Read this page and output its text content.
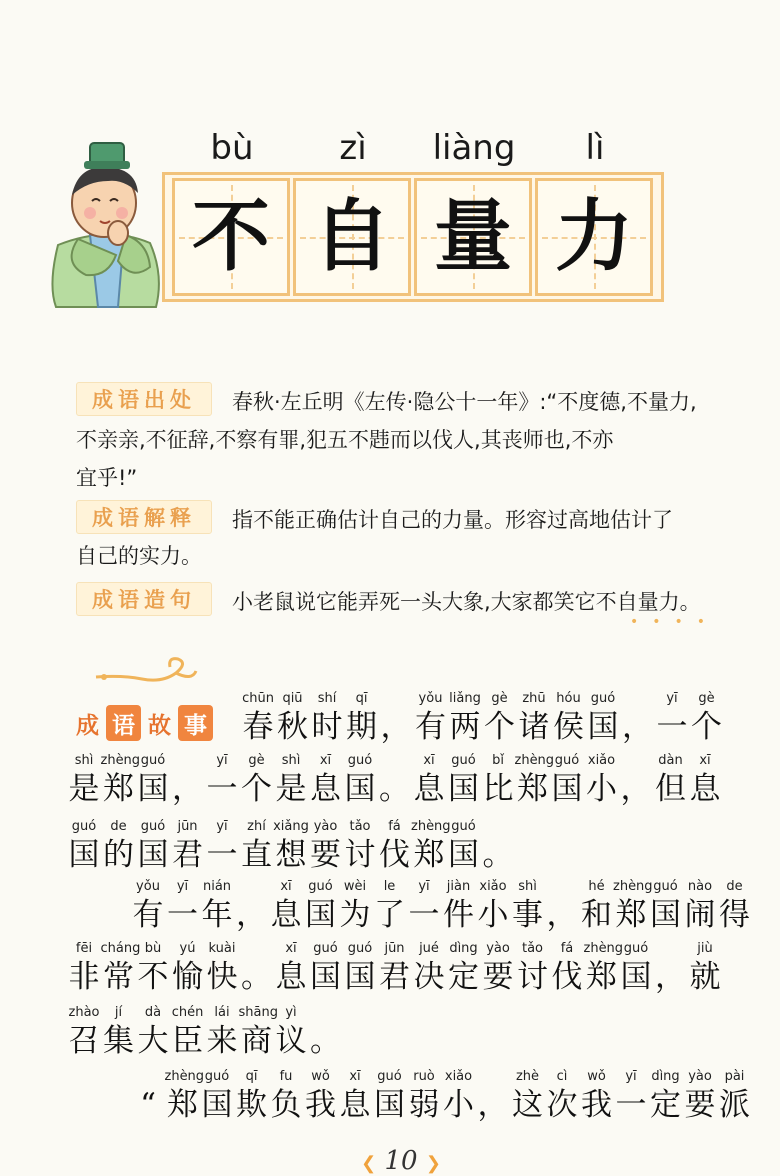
bù	zì	liàng	lì
不 自 量 力
成语出处	春秋·左丘明《左传·隐公十一年》:“不度德,不量力,
不亲亲,不征辞,不察有罪,犯五不韪而以伐人,其丧师也,不亦
宜乎!”
成语解释	指不能正确估计自己的力量。形容过高地估计了
自己的实力。
成语造句	小老鼠说它能弄死一头大象,大家都笑它不自量力。
••••
成 语 故 事
chūn
春
qiū
秋
shí
时
qī
期 ，
yǒu
有
liǎng
两
gè
个
zhū
诸
hóu
侯
guó
国 ，
yī
一
gè
个
shì
是
zhèng
郑
guó
国 ，
yī
一
gè
个
shì
是
xī
息
guó
国 。
xī
息
guó
国
bǐ
比
zhèng
郑
guó
国
xiǎo
小 ，
dàn
但
xī
息
guó
国
de
的
guó
国
jūn
君
yī
一
zhí
直
xiǎng
想
yào
要
tǎo
讨
fá
伐
zhèng
郑
guó
国 。
yǒu
有
yī
一
nián
年 ，
xī
息
guó
国
wèi
为
le
了
yī
一
jiàn
件
xiǎo
小
shì
事 ，
hé
和
zhèng
郑
guó
国
nào
闹
de
得
fēi
非
cháng
常
bù
不
yú
愉
kuài
快 。
xī
息
guó
国
guó
国
jūn
君
jué
决
dìng
定
yào
要
tǎo
讨
fá
伐
zhèng
郑
guó
国 ，
jiù
就
zhào
召
jí
集
dà
大
chén
臣
lái
来
shāng
商
yì
议 。
“
zhèng
郑
guó
国
qī
欺
fu
负
wǒ
我
xī
息
guó
国
ruò
弱
xiǎo
小 ，
zhè
这
cì
次
wǒ
我
yī
一
dìng
定
yào
要
pài
派
❮ 10 ❯
